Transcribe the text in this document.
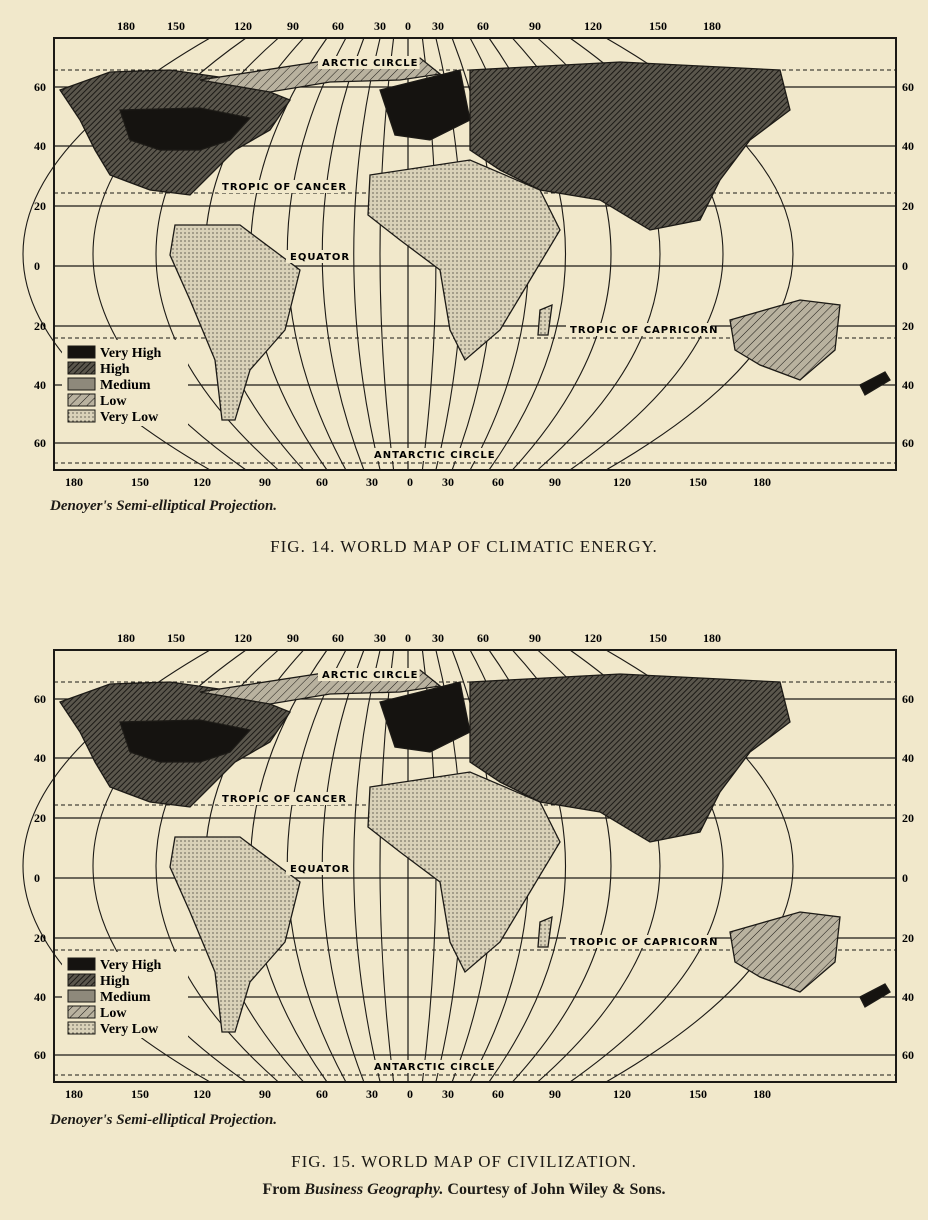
180	150	120	90	60	30 0 30	60	90	120	150	180
180	150	120	90	60	30 0 30	60	90	120	150	180
60
40
20
0
20
40
60
60
40
20
0
20
40
60
ARCTIC CIRCLE
TROPIC OF CANCER
EQUATOR
TROPIC OF CAPRICORN
ANTARCTIC CIRCLE
Very High
High
Medium
Low
Very Low
Denoyer's Semi-elliptical Projection.
FIG. 14. WORLD MAP OF CLIMATIC ENERGY.
180	150	120	90	60	30 0 30	60	90	120	150	180
180	150	120	90	60	30 0 30	60	90	120	150	180
60
40
20
0
20
40
60
60
40
20
0
20
40
60
ARCTIC CIRCLE
TROPIC OF CANCER
EQUATOR
TROPIC OF CAPRICORN
ANTARCTIC CIRCLE
Very High
High
Medium
Low
Very Low
Denoyer's Semi-elliptical Projection.
FIG. 15. WORLD MAP OF CIVILIZATION.
From Business Geography. Courtesy of John Wiley & Sons.
